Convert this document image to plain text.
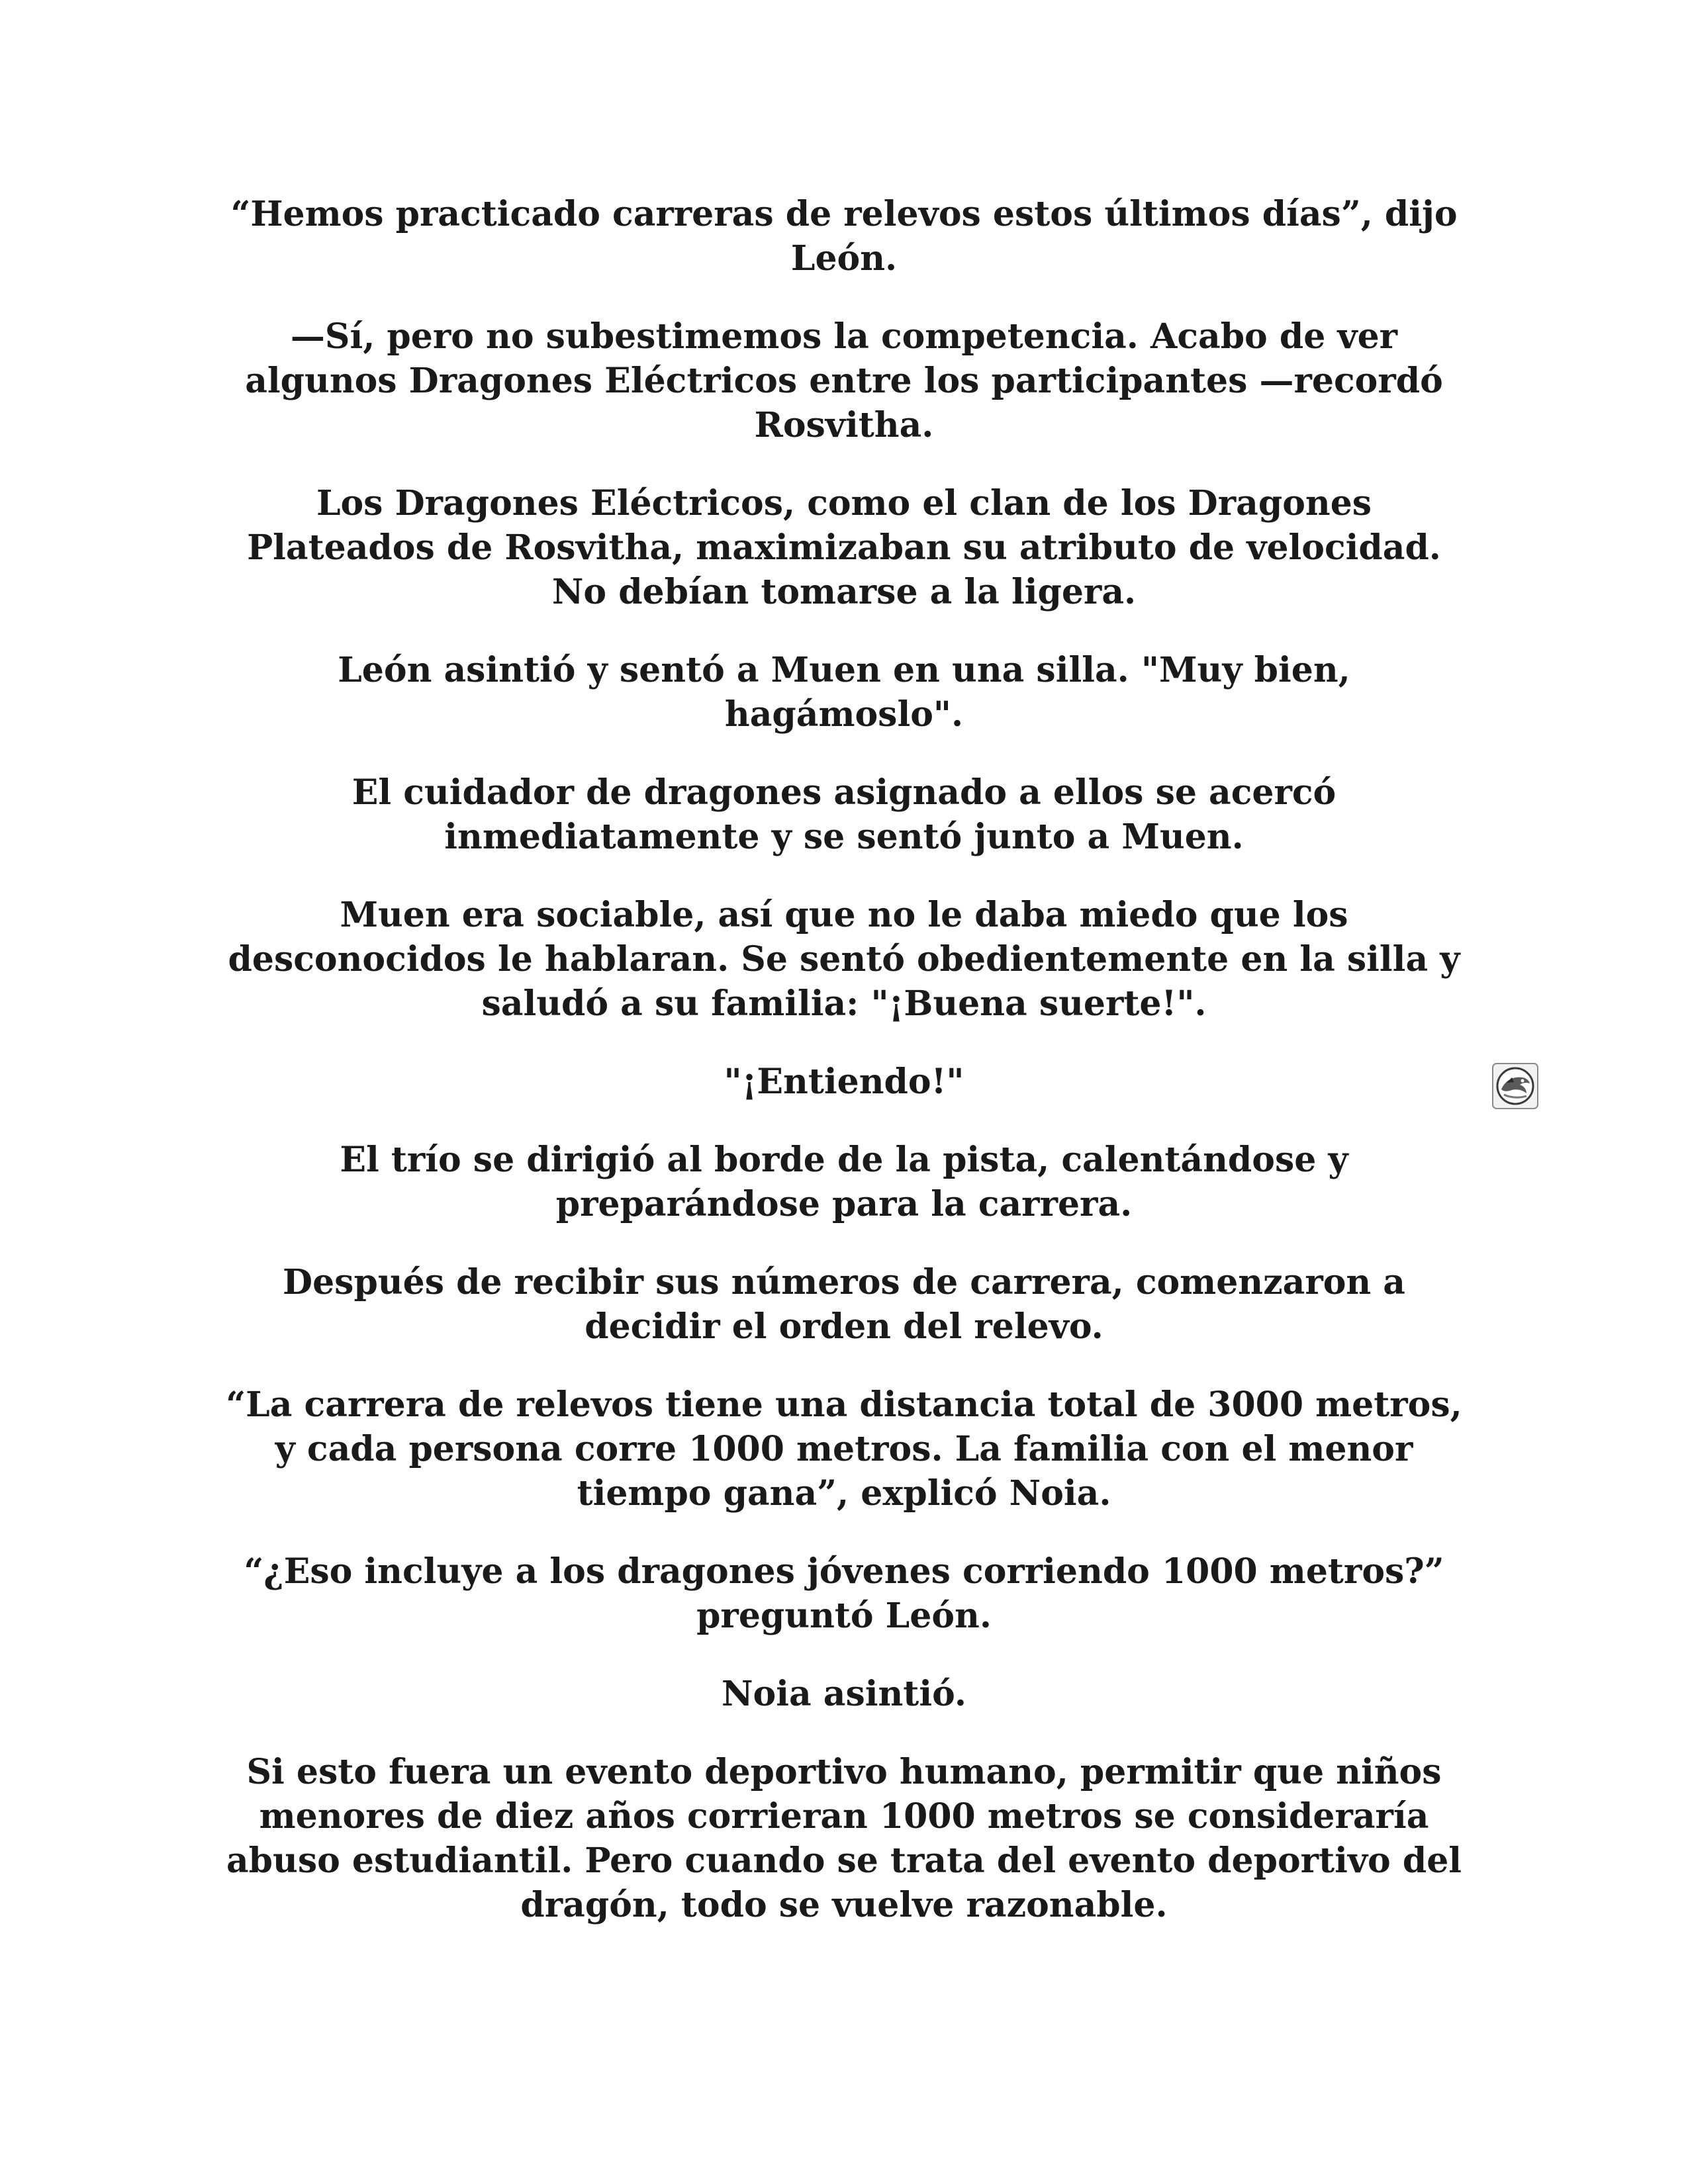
“Hemos practicado carreras de relevos estos últimos días”, dijo León.

—Sí, pero no subestimemos la competencia. Acabo de ver algunos Dragones Eléctricos entre los participantes —recordó Rosvitha.

Los Dragones Eléctricos, como el clan de los Dragones Plateados de Rosvitha, maximizaban su atributo de velocidad. No debían tomarse a la ligera.

León asintió y sentó a Muen en una silla. "Muy bien, hagámoslo".

El cuidador de dragones asignado a ellos se acercó inmediatamente y se sentó junto a Muen.

Muen era sociable, así que no le daba miedo que los desconocidos le hablaran. Se sentó obedientemente en la silla y saludó a su familia: "¡Buena suerte!".

"¡Entiendo!"

El trío se dirigió al borde de la pista, calentándose y preparándose para la carrera.

Después de recibir sus números de carrera, comenzaron a decidir el orden del relevo.

“La carrera de relevos tiene una distancia total de 3000 metros, y cada persona corre 1000 metros. La familia con el menor tiempo gana”, explicó Noia.

“¿Eso incluye a los dragones jóvenes corriendo 1000 metros?” preguntó León.

Noia asintió.

Si esto fuera un evento deportivo humano, permitir que niños menores de diez años corrieran 1000 metros se consideraría abuso estudiantil. Pero cuando se trata del evento deportivo del dragón, todo se vuelve razonable.
